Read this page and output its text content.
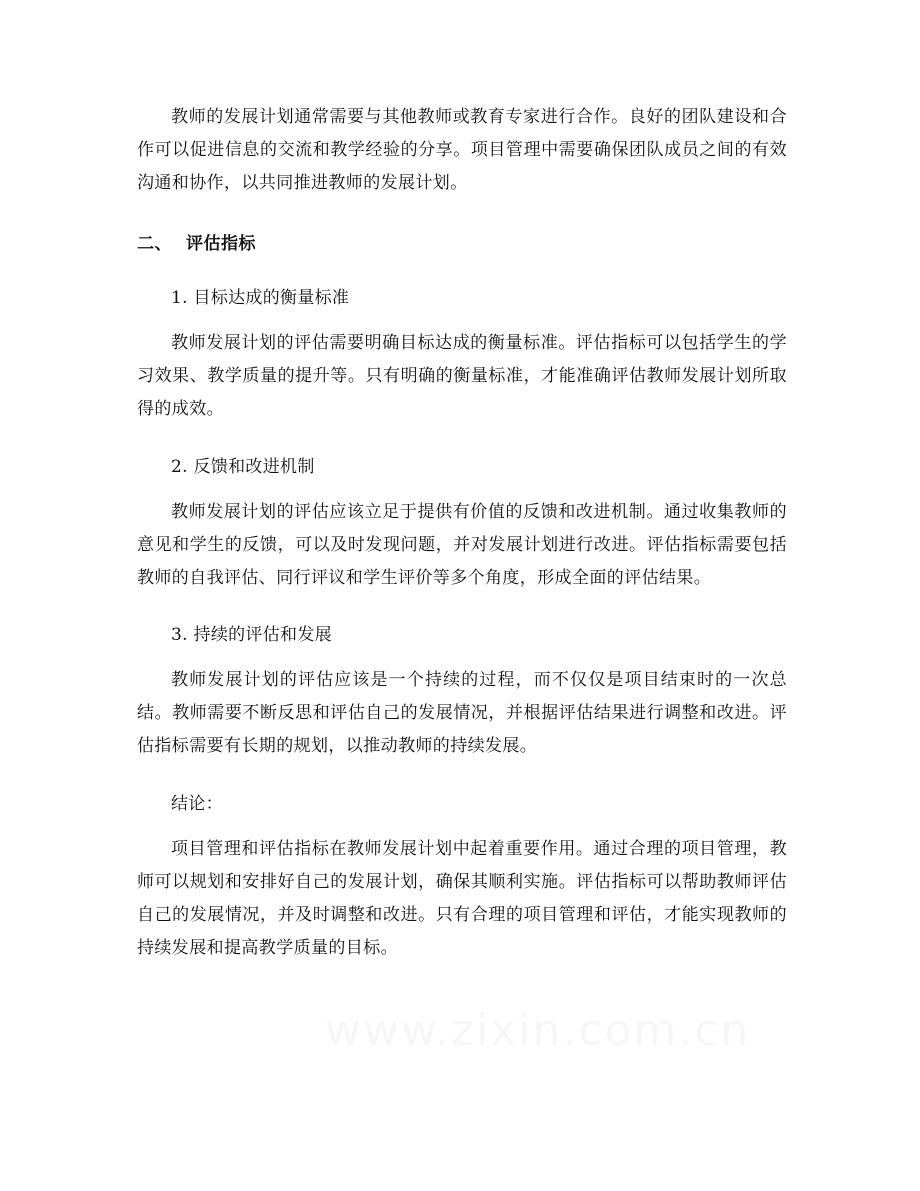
教师的发展计划通常需要与其他教师或教育专家进行合作。良好的团队建设和合作可以促进信息的交流和教学经验的分享。项目管理中需要确保团队成员之间的有效沟通和协作，以共同推进教师的发展计划。

二、 评估指标

1. 目标达成的衡量标准

教师发展计划的评估需要明确目标达成的衡量标准。评估指标可以包括学生的学习效果、教学质量的提升等。只有明确的衡量标准，才能准确评估教师发展计划所取得的成效。

2. 反馈和改进机制

教师发展计划的评估应该立足于提供有价值的反馈和改进机制。通过收集教师的意见和学生的反馈，可以及时发现问题，并对发展计划进行改进。评估指标需要包括教师的自我评估、同行评议和学生评价等多个角度，形成全面的评估结果。

3. 持续的评估和发展

教师发展计划的评估应该是一个持续的过程，而不仅仅是项目结束时的一次总结。教师需要不断反思和评估自己的发展情况，并根据评估结果进行调整和改进。评估指标需要有长期的规划，以推动教师的持续发展。

结论：

项目管理和评估指标在教师发展计划中起着重要作用。通过合理的项目管理，教师可以规划和安排好自己的发展计划，确保其顺利实施。评估指标可以帮助教师评估自己的发展情况，并及时调整和改进。只有合理的项目管理和评估，才能实现教师的持续发展和提高教学质量的目标。
